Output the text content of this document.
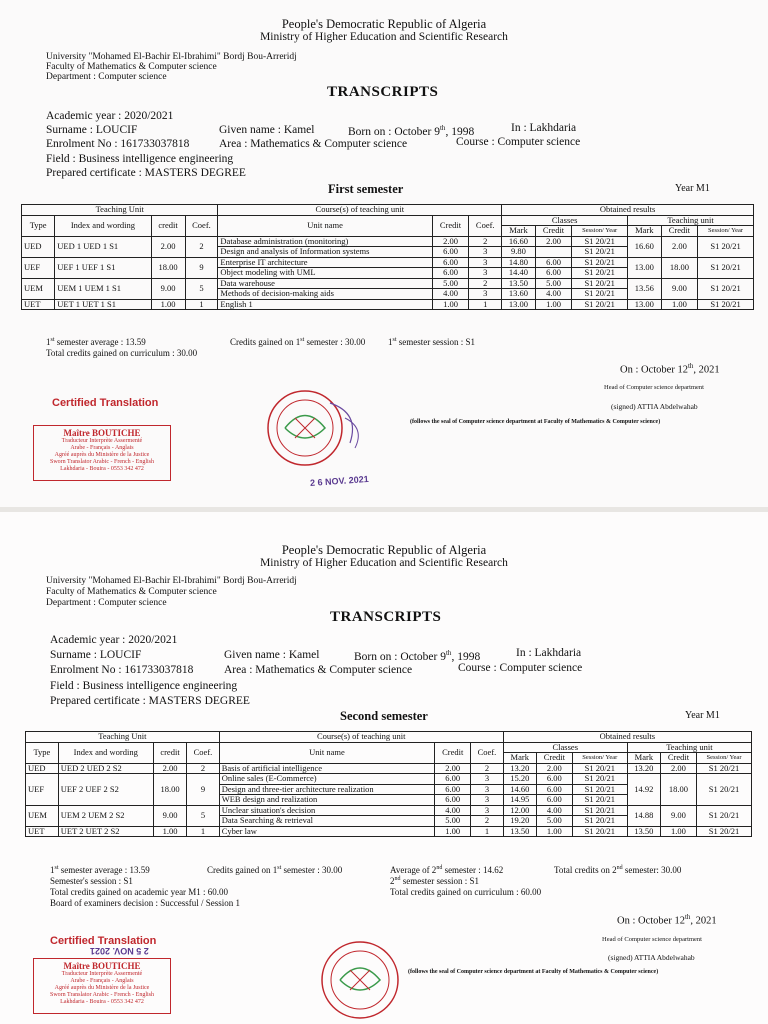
People's Democratic Republic of Algeria
Ministry of Higher Education and Scientific Research
University "Mohamed El-Bachir El-Ibrahimi" Bordj Bou-Arreridj
Faculty of Mathematics & Computer science
Department : Computer science
TRANSCRIPTS
Academic year : 2020/2021
Surname : LOUCIF	Given name : Kamel	Born on : October 9th, 1998	In : Lakhdaria
Enrolment No : 161733037818	Area : Mathematics & Computer science	Course : Computer science
Field : Business intelligence engineering
Prepared certificate : MASTERS DEGREE
First semester	Year M1
Teaching Unit				Course(s) of teaching unit			Obtained results					
Type	Index and wording	credit	Coef.	Unit name	Credit	Coef.	Classes			Teaching unit		
							Mark	Credit	Session/ Year	Mark	Credit	Session/ Year
UED	UED 1 UED 1 S1	2.00	2	Database administration (monitoring)	2.00	2	16.60	2.00	S1 20/21	16.60	2.00	S1 20/21
				Design and analysis of Information systems	6.00	3	9.80		S1 20/21			
UEF	UEF 1 UEF 1 S1	18.00	9	Enterprise IT architecture	6.00	3	14.80	6.00	S1 20/21	13.00	18.00	S1 20/21
				Object modeling with UML	6.00	3	14.40	6.00	S1 20/21			
UEM	UEM 1 UEM 1 S1	9.00	5	Data warehouse	5.00	2	13.50	5.00	S1 20/21	13.56	9.00	S1 20/21
				Methods of decision-making aids	4.00	3	13.60	4.00	S1 20/21			
UET	UET 1 UET 1 S1	1.00	1	English 1	1.00	1	13.00	1.00	S1 20/21	13.00	1.00	S1 20/21
1st semester average : 13.59	Credits gained on 1st semester : 30.00	1st semester session : S1
Total credits gained on curriculum : 30.00
On : October 12th, 2021
Head of Computer science department
(signed) ATTIA Abdelwahab
(follows the seal of Computer science department at Faculty of Mathematics & Computer science)
Certified Translation
Maître BOUTICHE
Traducteur Interprète Assermenté
Arabe - Français - Anglais
Agréé auprès du Ministère de la Justice
Sworn Translator Arabic - French - English
Lakhdaria - Bouira - 0553 342 472
2 6 NOV. 2021
People's Democratic Republic of Algeria
Ministry of Higher Education and Scientific Research
University "Mohamed El-Bachir El-Ibrahimi" Bordj Bou-Arreridj
Faculty of Mathematics & Computer science
Department : Computer science
TRANSCRIPTS
Academic year : 2020/2021
Surname : LOUCIF	Given name : Kamel	Born on : October 9th, 1998	In : Lakhdaria
Enrolment No : 161733037818	Area : Mathematics & Computer science	Course : Computer science
Field : Business intelligence engineering
Prepared certificate : MASTERS DEGREE
Second semester	Year M1
Teaching Unit				Course(s) of teaching unit			Obtained results					
Type	Index and wording	credit	Coef.	Unit name	Credit	Coef.	Classes			Teaching unit		
							Mark	Credit	Session/ Year	Mark	Credit	Session/ Year
UED	UED 2 UED 2 S2	2.00	2	Basis of artificial intelligence	2.00	2	13.20	2.00	S1 20/21	13.20	2.00	S1 20/21
UEF	UEF 2 UEF 2 S2	18.00	9	Online sales (E-Commerce)	6.00	3	15.20	6.00	S1 20/21	14.92	18.00	S1 20/21
				Design and three-tier architecture realization	6.00	3	14.60	6.00	S1 20/21			
				WEB design and realization	6.00	3	14.95	6.00	S1 20/21			
UEM	UEM 2 UEM 2 S2	9.00	5	Unclear situation's decision	4.00	3	12.00	4.00	S1 20/21	14.88	9.00	S1 20/21
				Data Searching & retrieval	5.00	2	19.20	5.00	S1 20/21			
UET	UET 2 UET 2 S2	1.00	1	Cyber law	1.00	1	13.50	1.00	S1 20/21	13.50	1.00	S1 20/21
1st semester average : 13.59	Credits gained on 1st semester : 30.00	Average of 2nd semester : 14.62	Total credits on 2nd semester: 30.00
Semester's session : S1	2nd semester session : S1
Total credits gained on academic year M1 : 60.00	Total credits gained on curriculum : 60.00
Board of examiners decision : Successful / Session 1
On : October 12th, 2021
Head of Computer science department
(signed) ATTIA Abdelwahab
(follows the seal of Computer science department at Faculty of Mathematics & Computer science)
Certified Translation
2 5 NOV. 2021
Maître BOUTICHE
Traducteur Interprète Assermenté
Arabe - Français - Anglais
Agréé auprès du Ministère de la Justice
Sworn Translator Arabic - French - English
Lakhdaria - Bouira - 0553 342 472
